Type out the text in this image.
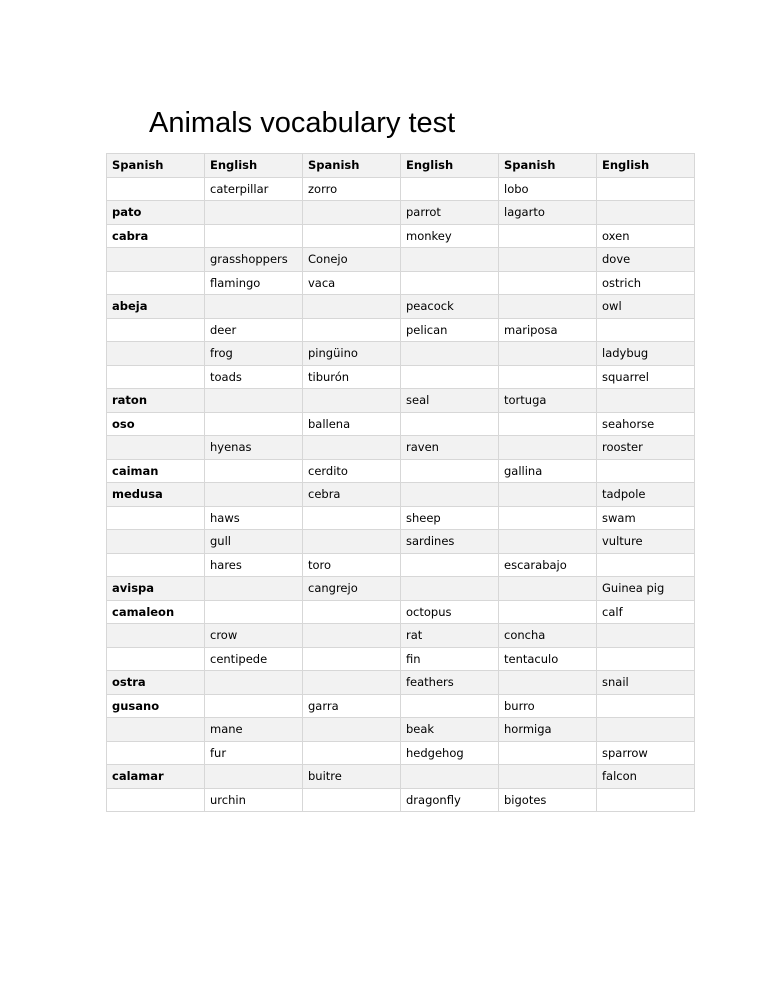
Animals vocabulary test
Spanish	English	Spanish	English	Spanish	English
	caterpillar	zorro		lobo	
pato			parrot	lagarto	
cabra			monkey		oxen
	grasshoppers	Conejo			dove
	flamingo	vaca			ostrich
abeja			peacock		owl
	deer		pelican	mariposa	
	frog	pingüino			ladybug
	toads	tiburón			squarrel
raton			seal	tortuga	
oso		ballena			seahorse
	hyenas		raven		rooster
caiman		cerdito		gallina	
medusa		cebra			tadpole
	haws		sheep		swam
	gull		sardines		vulture
	hares	toro		escarabajo	
avispa		cangrejo			Guinea pig
camaleon			octopus		calf
	crow		rat	concha	
	centipede		fin	tentaculo	
ostra			feathers		snail
gusano		garra		burro	
	mane		beak	hormiga	
	fur		hedgehog		sparrow
calamar		buitre			falcon
	urchin		dragonfly	bigotes	
